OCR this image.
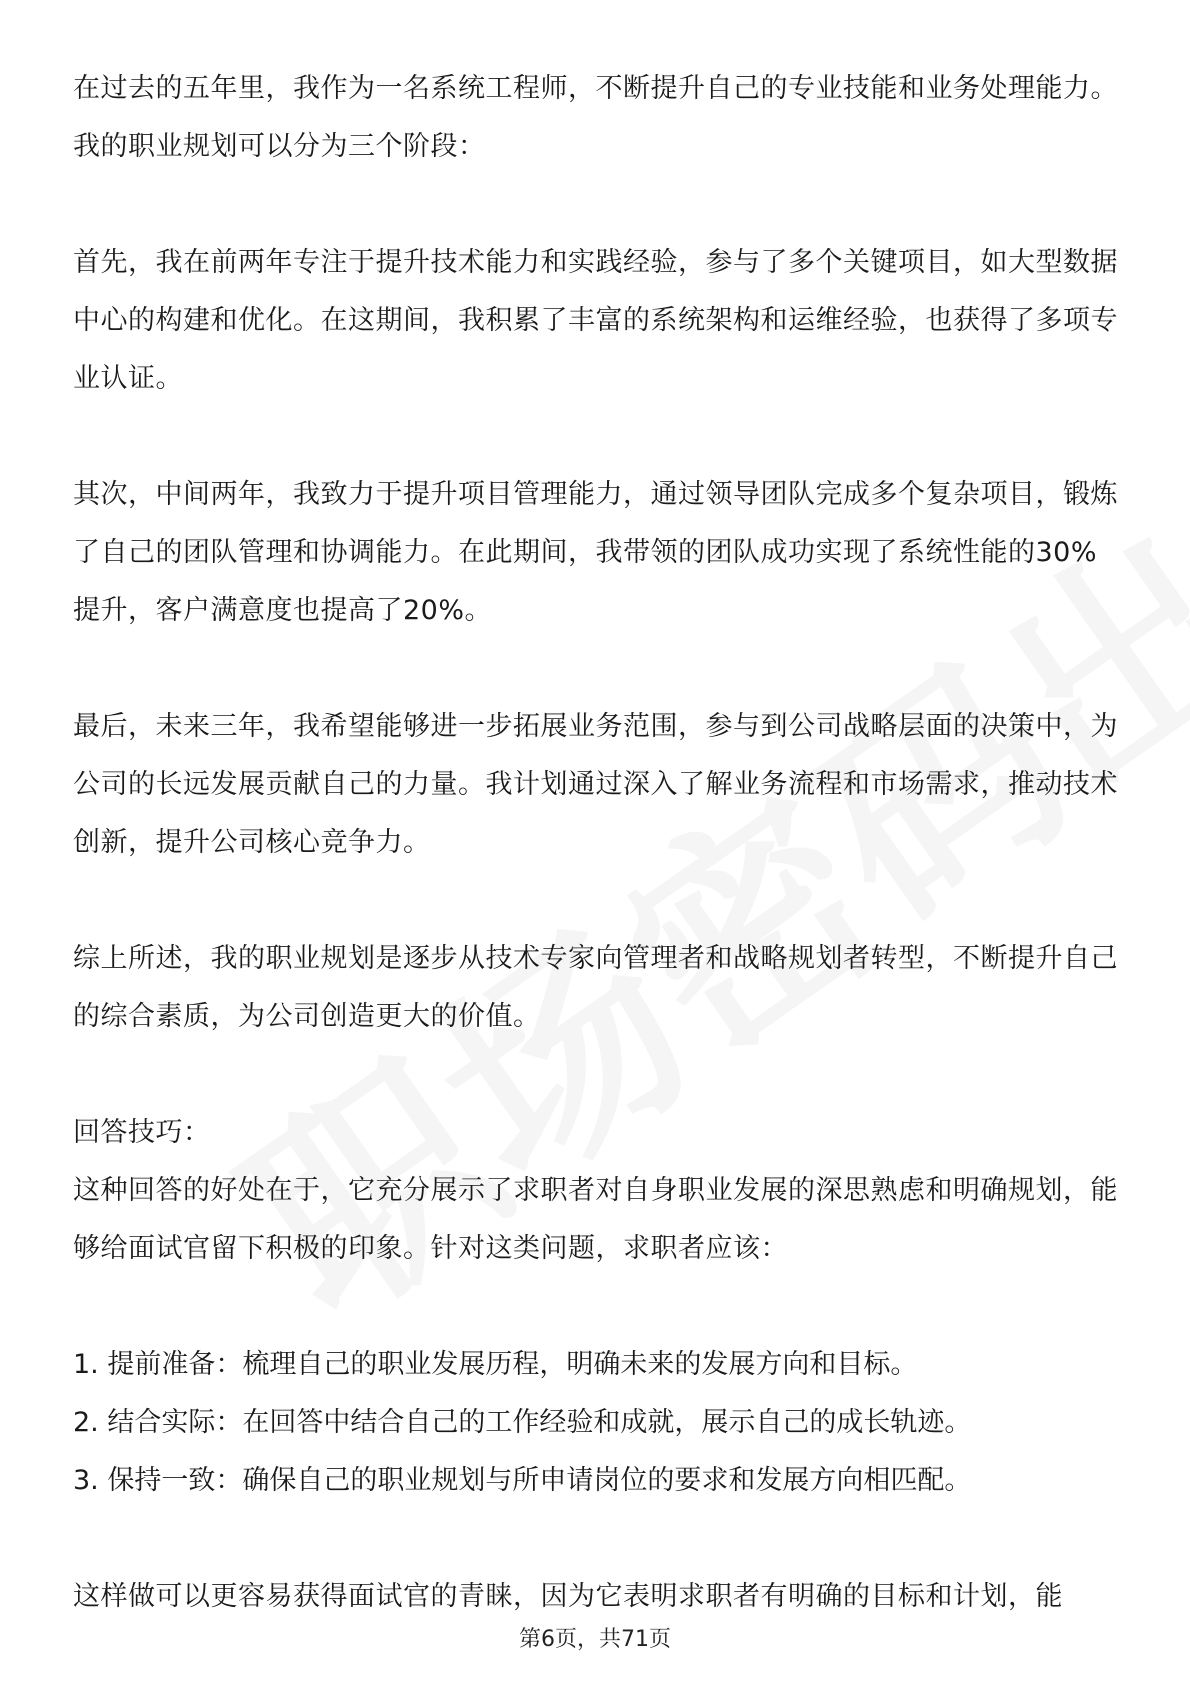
在过去的五年里，我作为一名系统工程师，不断提升自己的专业技能和业务处理能力。我的职业规划可以分为三个阶段：

首先，我在前两年专注于提升技术能力和实践经验，参与了多个关键项目，如大型数据中心的构建和优化。在这期间，我积累了丰富的系统架构和运维经验，也获得了多项专业认证。

其次，中间两年，我致力于提升项目管理能力，通过领导团队完成多个复杂项目，锻炼了自己的团队管理和协调能力。在此期间，我带领的团队成功实现了系统性能的30%提升，客户满意度也提高了20%。

最后，未来三年，我希望能够进一步拓展业务范围，参与到公司战略层面的决策中，为公司的长远发展贡献自己的力量。我计划通过深入了解业务流程和市场需求，推动技术创新，提升公司核心竞争力。

综上所述，我的职业规划是逐步从技术专家向管理者和战略规划者转型，不断提升自己的综合素质，为公司创造更大的价值。

回答技巧：

这种回答的好处在于，它充分展示了求职者对自身职业发展的深思熟虑和明确规划，能够给面试官留下积极的印象。针对这类问题，求职者应该：

1. 提前准备：梳理自己的职业发展历程，明确未来的发展方向和目标。

2. 结合实际：在回答中结合自己的工作经验和成就，展示自己的成长轨迹。

3. 保持一致：确保自己的职业规划与所申请岗位的要求和发展方向相匹配。

这样做可以更容易获得面试官的青睐，因为它表明求职者有明确的目标和计划，能

第6页，共71页
